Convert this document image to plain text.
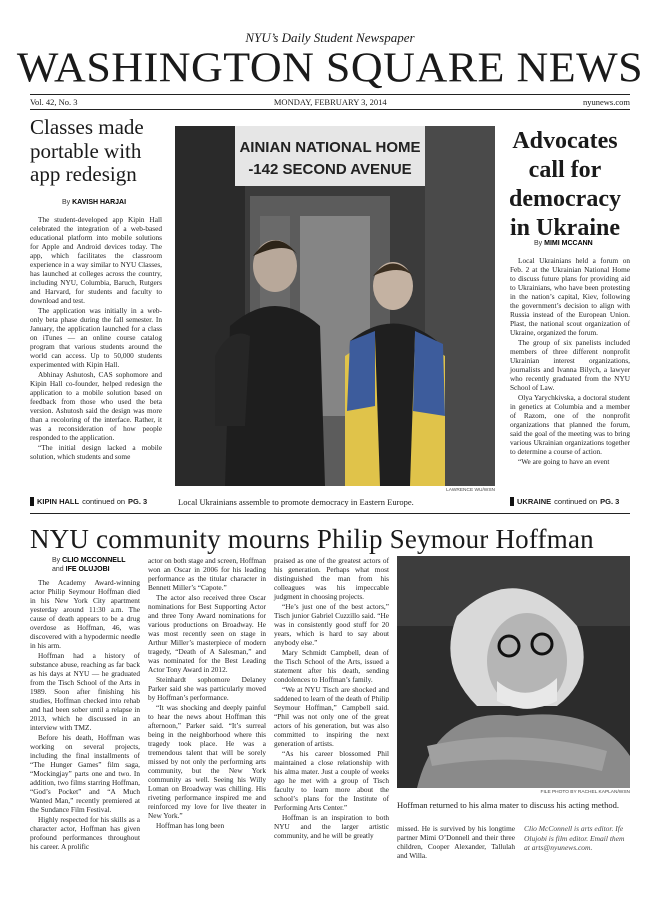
NYU’s Daily Student Newspaper
WASHINGTON SQUARE NEWS
Vol. 42, No. 3	MONDAY, FEBRUARY 3, 2014	nyunews.com
Classes made
portable with
app redesign
By KAVISH HARJAI

The student-developed app Kipin Hall celebrated the integration of a web-based educational platform into mobile solutions for Apple and Android devices today. The app, which facilitates the classroom experience in a way similar to NYU Classes, has launched at colleges across the country, including NYU, Columbia, Baruch, Rutgers and Harvard, for students and faculty to download and test.

The application was initially in a web-only beta phase during the fall semester. In January, the application launched for a class on iTunes — an online course catalog program that various students around the world can access. Up to 50,000 students experimented with Kipin Hall.

Abhinay Ashutosh, CAS sophomore and Kipin Hall co-founder, helped redesign the application to a mobile solution based on feedback from those who used the beta version. Ashutosh said the design was more than a recoloring of the interface. Rather, it was a reconsideration of how people responded to the application.

“The initial design lacked a mobile solution, which students and some

KIPIN HALL continued on PG. 3
AINIAN NATIONAL HOME
-142 SECOND AVENUE
LAWRENCE WU/WSN
Local Ukrainians assemble to promote democracy in Eastern Europe.
Advocates
call for
democracy
in Ukraine
By MIMI MCCANN

Local Ukrainians held a forum on Feb. 2 at the Ukrainian National Home to discuss future plans for providing aid to Ukrainians, who have been protesting in the nation’s capital, Kiev, following the government’s decision to align with Russia instead of the European Union. Plast, the national scout organization of Ukraine, organized the forum.

The group of six panelists included members of three different nonprofit Ukrainian interest organizations, journalists and Ivanna Bilych, a lawyer who recently graduated from the NYU School of Law.

Olya Yarychkivska, a doctoral student in genetics at Columbia and a member of Razom, one of the nonprofit organizations that planned the forum, said the goal of the meeting was to bring various Ukrainian organizations together to determine a course of action.

“We are going to have an event

UKRAINE continued on PG. 3
NYU community mourns Philip Seymour Hoffman
By CLIO MCCONNELL
and IFE OLUJOBI

The Academy Award-winning actor Philip Seymour Hoffman died in his New York City apartment yesterday around 11:30 a.m. The cause of death appears to be a drug overdose as Hoffman, 46, was discovered with a hypodermic needle in his arm.

Hoffman had a history of substance abuse, reaching as far back as his days at NYU — he graduated from the Tisch School of the Arts in 1989. Soon after finishing his studies, Hoffman checked into rehab and had been sober until a relapse in 2013, which he discussed in an interview with TMZ.

Before his death, Hoffman was working on several projects, including the final installments of “The Hunger Games” film saga, “Mockingjay” parts one and two. In addition, two films starring Hoffman, “God’s Pocket” and “A Much Wanted Man,” recently premiered at the Sundance Film Festival.

Highly respected for his skills as a character actor, Hoffman has given profound performances throughout his career. A prolific

actor on both stage and screen, Hoffman won an Oscar in 2006 for his leading performance as the titular character in Bennett Miller’s “Capote.”

The actor also received three Oscar nominations for Best Supporting Actor and three Tony Award nominations for various productions on Broadway. He was most recently seen on stage in Arthur Miller’s masterpiece of modern tragedy, “Death of A Salesman,” and was nominated for the Best Leading Actor Tony Award in 2012.

Steinhardt sophomore Delaney Parker said she was particularly moved by Hoffman’s performance.

“It was shocking and deeply painful to hear the news about Hoffman this afternoon,” Parker said. “It’s surreal being in the neighborhood where this tragedy took place. He was a tremendous talent that will be sorely missed by not only the performing arts community, but the New York community as well. Seeing his Willy Loman on Broadway was chilling. His riveting performance inspired me and reinforced my love for live theater in New York.”

Hoffman has long been

praised as one of the greatest actors of his generation. Perhaps what most distinguished the man from his colleagues was his impeccable judgment in choosing projects.

“He’s just one of the best actors,” Tisch junior Gabriel Cuzzillo said. “He was in consistently good stuff for 20 years, which is hard to say about anybody else.”

Mary Schmidt Campbell, dean of the Tisch School of the Arts, issued a statement after his death, sending condolences to Hoffman’s family.

“We at NYU Tisch are shocked and saddened to learn of the death of Philip Seymour Hoffman,” Campbell said. “Phil was not only one of the great actors of his generation, but was also committed to inspiring the next generation of artists.

“As his career blossomed Phil maintained a close relationship with his alma mater. Just a couple of weeks ago he met with a group of Tisch faculty to learn more about the school’s plans for the Institute of Performing Arts Center.”

Hoffman is an inspiration to both NYU and the larger artistic community, and he will be greatly

FILE PHOTO BY RACHEL KAPLAN/WSN
Hoffman returned to his alma mater to discuss his acting method.

missed. He is survived by his longtime partner Mimi O’Donnell and their three children, Cooper Alexander, Tallulah and Willa.

Clio McConnell is arts editor. Ife Olujobi is film editor. Email them at arts@nyunews.com.
